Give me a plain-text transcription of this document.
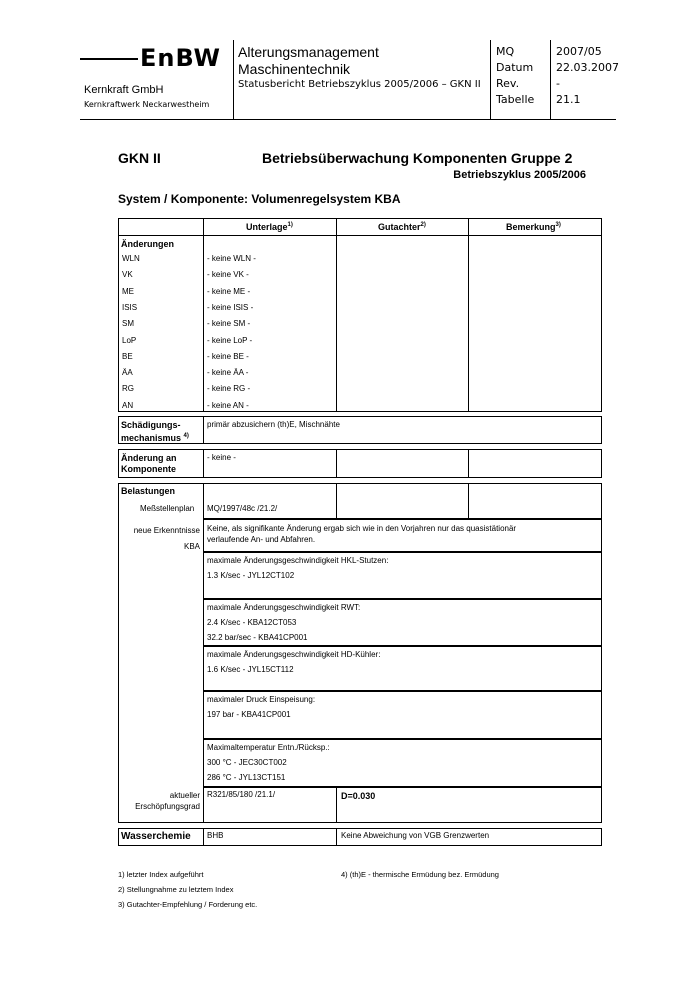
EnBW
Kernkraft GmbH
Kernkraftwerk Neckarwestheim
Alterungsmanagement
Maschinentechnik
Statusbericht Betriebszyklus 2005/2006 – GKN II
MQ
Datum
Rev.
Tabelle
2007/05
22.03.2007
-
21.1
GKN II	Betriebsüberwachung Komponenten Gruppe 2
Betriebszyklus 2005/2006
System / Komponente: Volumenregelsystem KBA
Unterlage$^{1)}$	Gutachter$^{2)}$	Bemerkung$^{3)}$
Änderungen
WLN	- keine WLN -
VK	- keine VK -
ME	- keine ME -
ISIS	- keine ISIS -
SM	- keine SM -
LoP	- keine LoP -
BE	- keine BE -
ÄA	- keine ÄA -
RG	- keine RG -
AN	- keine AN -
Schädigungs-
mechanismus $^{4)}$
primär abzusichern (th)E, Mischnähte
Änderung an
Komponente
- keine -
Belastungen
Meßstellenplan MQ/1997/48c /21.2/
neue Erkenntnisse
KBA
Keine, als signifikante Änderung ergab sich wie in den Vorjahren nur das quasistätionär
verlaufende An- und Abfahren.
maximale Änderungsgeschwindigkeit HKL-Stutzen:
1.3 K/sec - JYL12CT102
maximale Änderungsgeschwindigkeit RWT:
2.4 K/sec - KBA12CT053
32.2 bar/sec - KBA41CP001
maximale Änderungsgeschwindigkeit HD-Kühler:
1.6 K/sec - JYL15CT112
maximaler Druck Einspeisung:
197 bar - KBA41CP001
Maximaltemperatur Entn./Rücksp.:
300 °C - JEC30CT002
286 °C - JYL13CT151
aktueller
Erschöpfungsgrad
R321/85/180 /21.1/	D=0.030
Wasserchemie BHB	Keine Abweichung von VGB Grenzwerten
1) letzter Index aufgeführt
2) Stellungnahme zu letztem Index
3) Gutachter-Empfehlung / Forderung etc.
4) (th)E - thermische Ermüdung bez. Ermüdung
